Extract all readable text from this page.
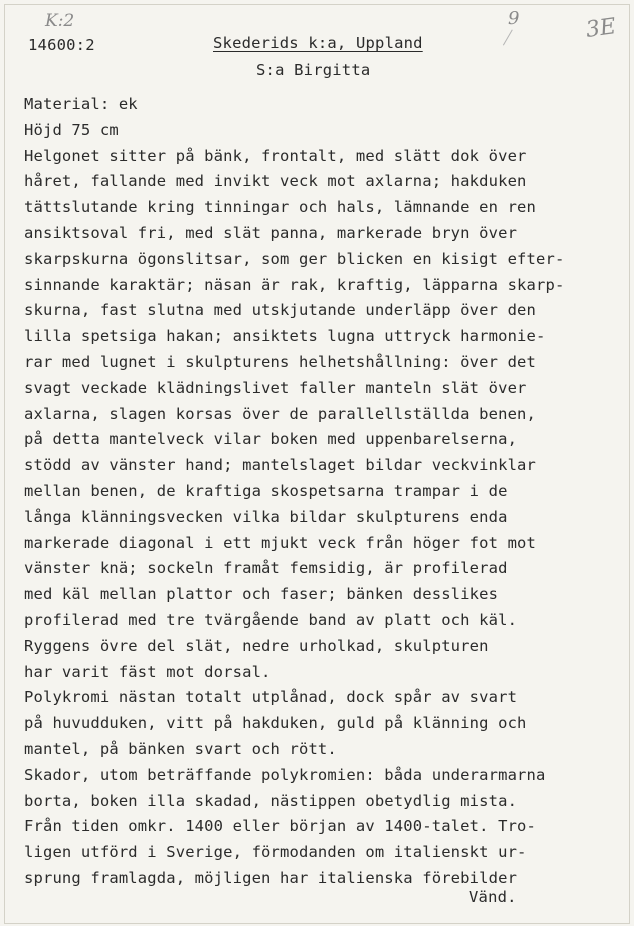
K:2	9	3E
14600:2	Skederids k:a, Uppland
S:a Birgitta
Material: ek
Höjd 75 cm
Helgonet sitter på bänk, frontalt, med slätt dok över
håret, fallande med invikt veck mot axlarna; hakduken
tättslutande kring tinningar och hals, lämnande en ren
ansiktsoval fri, med slät panna, markerade bryn över
skarpskurna ögonslitsar, som ger blicken en kisigt efter-
sinnande karaktär; näsan är rak, kraftig, läpparna skarp-
skurna, fast slutna med utskjutande underläpp över den
lilla spetsiga hakan; ansiktets lugna uttryck harmonie-
rar med lugnet i skulpturens helhetshållning: över det
svagt veckade klädningslivet faller manteln slät över
axlarna, slagen korsas över de parallellställda benen,
på detta mantelveck vilar boken med uppenbarelserna,
stödd av vänster hand; mantelslaget bildar veckvinklar
mellan benen, de kraftiga skospetsarna trampar i de
långa klänningsvecken vilka bildar skulpturens enda
markerade diagonal i ett mjukt veck från höger fot mot
vänster knä; sockeln framåt femsidig, är profilerad
med käl mellan plattor och faser; bänken desslikes
profilerad med tre tvärgående band av platt och käl.
Ryggens övre del slät, nedre urholkad, skulpturen
har varit fäst mot dorsal.
Polykromi nästan totalt utplånad, dock spår av svart
på huvudduken, vitt på hakduken, guld på klänning och
mantel, på bänken svart och rött.
Skador, utom beträffande polykromien: båda underarmarna
borta, boken illa skadad, nästippen obetydlig mista.
Från tiden omkr. 1400 eller början av 1400-talet. Tro-
ligen utförd i Sverige, förmodanden om italienskt ur-
sprung framlagda, möjligen har italienska förebilder
Vänd.
